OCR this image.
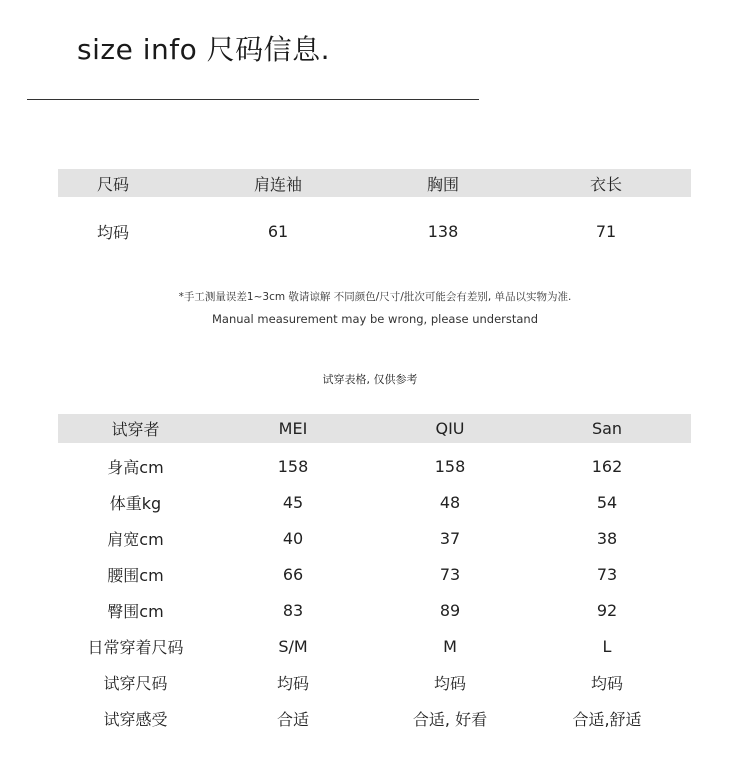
size info 尺码信息.
尺码	肩连袖	胸围	衣长
均码	61	138	71
*手工测量误差1~3cm 敬请谅解 不同颜色/尺寸/批次可能会有差别, 单品以实物为准.
Manual measurement may be wrong, please understand
试穿表格, 仅供参考
试穿者	MEI	QIU	San
身高cm	158	158	162
体重kg	45	48	54
肩宽cm	40	37	38
腰围cm	66	73	73
臀围cm	83	89	92
日常穿着尺码	S/M	M	L
试穿尺码	均码	均码	均码
试穿感受	合适	合适, 好看	合适,舒适
